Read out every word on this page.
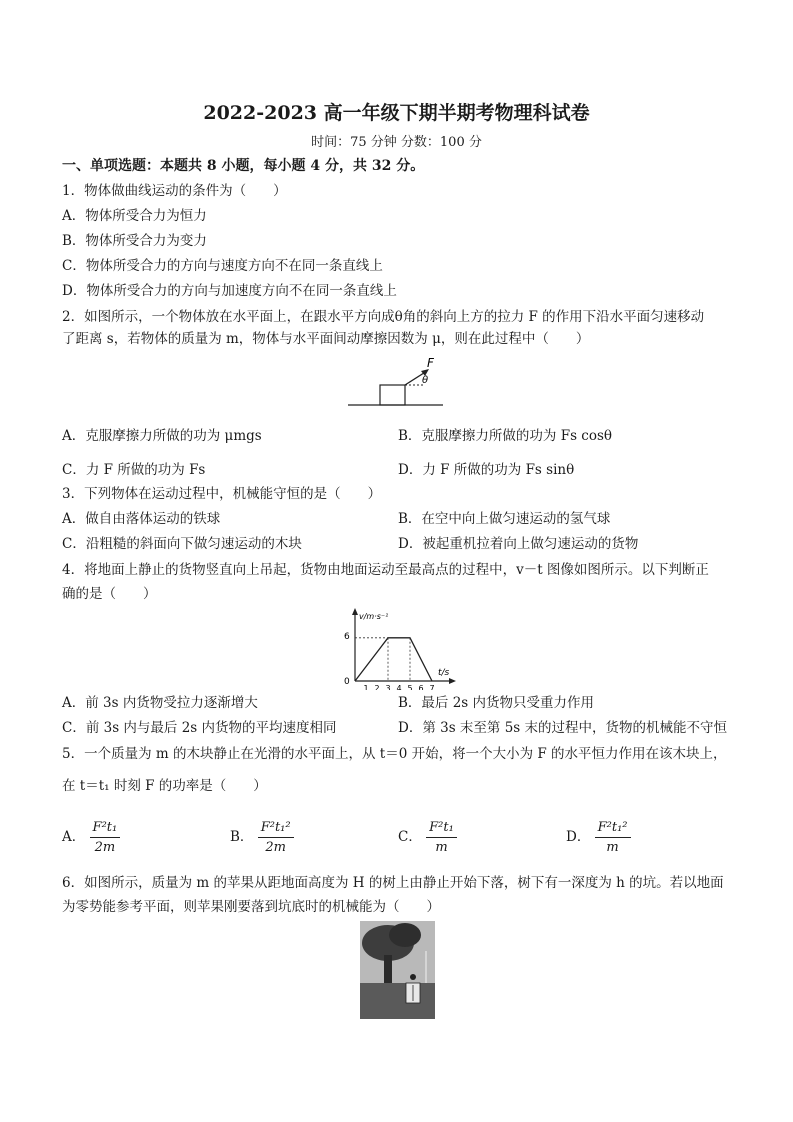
2022-2023 高一年级下期半期考物理科试卷
时间：75 分钟 分数：100 分
一、单项选题：本题共 8 小题，每小题 4 分，共 32 分。
1．物体做曲线运动的条件为（　　）
A．物体所受合力为恒力
B．物体所受合力为变力
C．物体所受合力的方向与速度方向不在同一条直线上
D．物体所受合力的方向与加速度方向不在同一条直线上
2．如图所示，一个物体放在水平面上，在跟水平方向成θ角的斜向上方的拉力 F 的作用下沿水平面匀速移动
了距离 s，若物体的质量为 m，物体与水平面间动摩擦因数为 μ，则在此过程中（　　）
F
θ
A．克服摩擦力所做的功为 μmgs	B．克服摩擦力所做的功为 Fs cosθ
C．力 F 所做的功为 Fs	D．力 F 所做的功为 Fs sinθ
3．下列物体在运动过程中，机械能守恒的是（　　）
A．做自由落体运动的铁球	B．在空中向上做匀速运动的氢气球
C．沿粗糙的斜面向下做匀速运动的木块	D．被起重机拉着向上做匀速运动的货物
4．将地面上静止的货物竖直向上吊起，货物由地面运动至最高点的过程中，v－t 图像如图所示。以下判断正
确的是（　　）
v/m·s⁻¹
t/s
6
0
1 2 3 4 5 6 7
A．前 3s 内货物受拉力逐渐增大	B．最后 2s 内货物只受重力作用
C．前 3s 内与最后 2s 内货物的平均速度相同	D．第 3s 末至第 5s 末的过程中，货物的机械能不守恒
5．一个质量为 m 的木块静止在光滑的水平面上，从 t＝0 开始，将一个大小为 F 的水平恒力作用在该木块上，
在 t＝t₁ 时刻 F 的功率是（　　）
A． $\frac{\text{F²t₁}}{2m}$	B． $\frac{\text{F²t₁²}}{2m}$	C． $\frac{\text{F²t₁}}{m}$	D． $\frac{\text{F²t₁²}}{m}$
6．如图所示，质量为 m 的苹果从距地面高度为 H 的树上由静止开始下落，树下有一深度为 h 的坑。若以地面
为零势能参考平面，则苹果刚要落到坑底时的机械能为（　　）
